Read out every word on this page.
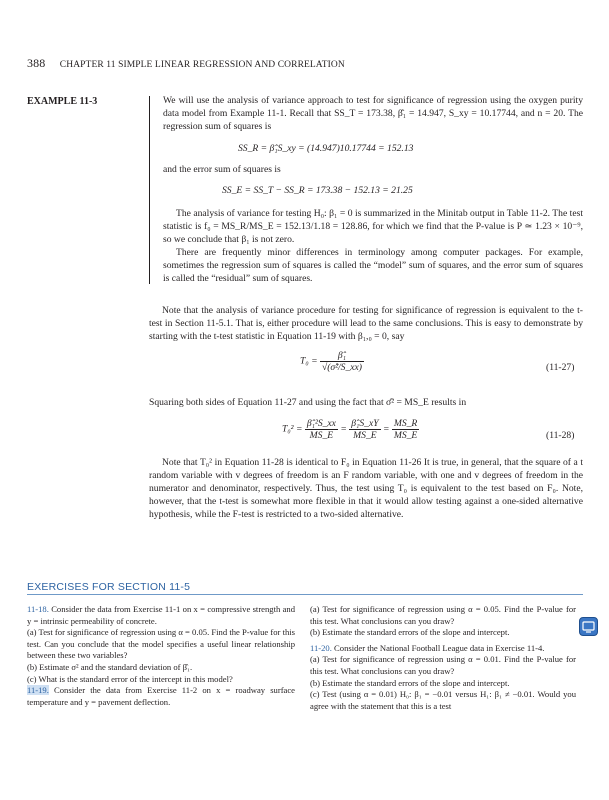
388 CHAPTER 11 SIMPLE LINEAR REGRESSION AND CORRELATION
EXAMPLE 11-3	We will use the analysis of variance approach to test for significance of regression using the oxygen purity data model from Example 11-1. Recall that SS_T = 173.38, β̂₁ = 14.947, S_xy = 10.17744, and n = 20. The regression sum of squares is

SS_R = β̂₁S_xy = (14.947)10.17744 = 152.13
and the error sum of squares is
SS_E = SS_T − SS_R = 173.38 − 152.13 = 21.25

The analysis of variance for testing H₀: β₁ = 0 is summarized in the Minitab output in Table 11-2. The test statistic is f₀ = MS_R/MS_E = 152.13/1.18 = 128.86, for which we find that the P-value is P ≃ 1.23 × 10⁻⁹, so we conclude that β₁ is not zero.

There are frequently minor differences in terminology among computer packages. For example, sometimes the regression sum of squares is called the “model” sum of squares, and the error sum of squares is called the “residual” sum of squares.

Note that the analysis of variance procedure for testing for significance of regression is equivalent to the t-test in Section 11-5.1. That is, either procedure will lead to the same conclusions. This is easy to demonstrate by starting with the t-test statistic in Equation 11-19 with β₁,₀ = 0, say

$T_0 = \frac{\text{β̂₁}}{\text{√(σ̂²/S\_xx)}}$	(11-27)
Squaring both sides of Equation 11-27 and using the fact that σ̂² = MS_E results in
$T_0^2 = \frac{\text{β̂₁²S\_xx}}{MS\_E} = \frac{\text{β̂₁S\_xY}}{MS\_E} = \frac{MS\_R}{MS\_E}$	(11-28)

Note that T₀² in Equation 11-28 is identical to F₀ in Equation 11-26 It is true, in general, that the square of a t random variable with v degrees of freedom is an F random variable, with one and v degrees of freedom in the numerator and denominator, respectively. Thus, the test using T₀ is equivalent to the test based on F₀. Note, however, that the t-test is somewhat more flexible in that it would allow testing against a one-sided alternative hypothesis, while the F-test is restricted to a two-sided alternative.

EXERCISES FOR SECTION 11-5

11-18. Consider the data from Exercise 11-1 on x = compressive strength and y = intrinsic permeability of concrete.

(a) Test for significance of regression using α = 0.05. Find the P-value for this test. Can you conclude that the model specifies a useful linear relationship between these two variables?

(b) Estimate σ² and the standard deviation of β̂₁.

(c) What is the standard error of the intercept in this model?

11-19. Consider the data from Exercise 11-2 on x = roadway surface temperature and y = pavement deflection.

(a) Test for significance of regression using α = 0.05. Find the P-value for this test. What conclusions can you draw?

(b) Estimate the standard errors of the slope and intercept.

11-20. Consider the National Football League data in Exercise 11-4.

(a) Test for significance of regression using α = 0.01. Find the P-value for this test. What conclusions can you draw?

(b) Estimate the standard errors of the slope and intercept.

(c) Test (using α = 0.01) H₀: β₁ = −0.01 versus H₁: β₁ ≠ −0.01. Would you agree with the statement that this is a test
